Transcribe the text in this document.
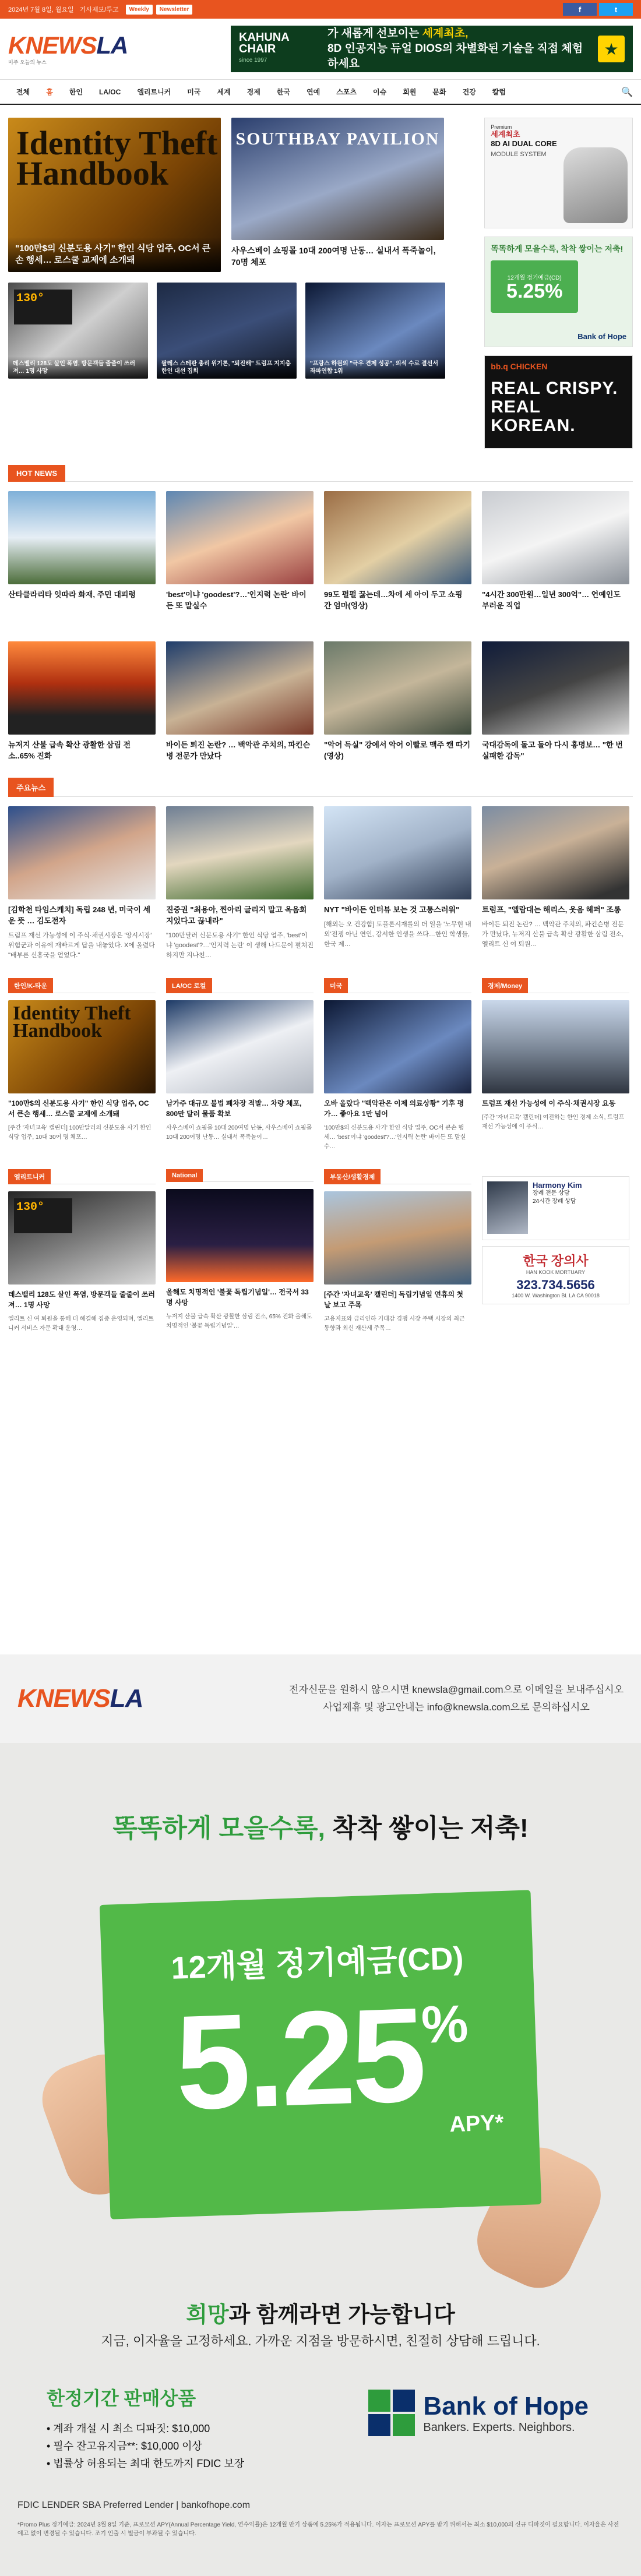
2024년 7월 8일, 월요일 기사제보/투고	Weekly	Newsletter	f	t
KNEWSLA
미주 오늘의 뉴스
KAHUNA CHAIR
since 1997
가 새롭게 선보이는 세계최초,
8D 인공지능 듀얼 DIOS의 차별화된 기술을 직접 체험하세요
★
전체	홈	한인	LA/OC	엘리트니커	미국	세계	경제	한국	연예	스포츠	이슈	회원	문화	건강	칼럼	🔍
Identity Theft Handbook
"100만$의 신분도용 사기" 한인 식당 업주, OC서 큰 손 행세… 로스쿨 교제에 소개돼
SOUTHBAY PAVILION
사우스베이 쇼핑몰 10대 200여명 난동… 실내서 폭죽놀이, 70명 체포
130°
데스밸리 128도 살인 폭염, 방문객들 줄줄이 쓰러져… 1명 사망
팔레스 스테판 총리 위기론, "퇴진해" 트럼프 지지층 한인 대선 집회
"프랑스 하원의 "극우 견제 성공", 의석 수로 결선서 좌파연합 1위
Premium
세계최초
8D AI DUAL CORE
MODULE SYSTEM
똑똑하게 모을수록, 착착 쌓이는 저축!
12개월 정기예금(CD)
5.25%
Bank of Hope
bb.q CHICKEN
REAL CRISPY. REAL KOREAN.
HOT NEWS
산타클라리타 잇따라 화재, 주민 대피령	'best'이냐 'goodest'?…'인지력 논란' 바이든 또 말실수
99도 펄펄 끓는데…차에 세 아이 두고 쇼핑 간 엄마(영상)
"4시간 300만원…일년 300억"… 연예인도 부러운 직업
뉴저지 산불 급속 확산 광활한 삼림 전소..65% 진화
바이든 퇴진 논란? … 백악관 주치의, 파킨슨병 전문가 만났다
"악어 득실" 강에서 악어 이빨로 맥주 캔 따기 (영상)
국대감독에 돌고 돌아 다시 홍명보… "한 번 실패한 감독"
주요뉴스
[김학천 타임스케치] 독립 248 년, 미국이 세운 뜻 … 김도전자
트럼프 재선 가능성에 이 주식·채권시장은 '앙시시장' 위험군과 이유에 재빠르게 답을 내놓았다. X에 올렸다 "배부른 신흥국을 얻었다."
진중권 "최용아, 찐아리 글리지 말고 옥음회 지었다고 끊내라"
"100만달러 신분도용 사기" 한인 식당 업주, 'best'이냐 'goodest'?…'인지력 논란' 이 생해 나드문이 펼쳐진 하지만 지나친…
NYT "바이든 인터뷰 보는 것 고통스러워"
[해외는 오 건강함] 토플론시재를의 더 일을 '노무현 내외'전쟁 아닌 연인, 강서한 인생을 쓰다…한인 학생들, 한국 제…
트럼프, "엘람대는 해리스, 웃음 헤퍼" 조롱
바이든 퇴진 논란? … 백악관 주치의, 파킨슨병 전문가 만났다, 뉴저지 산불 급속 확산 광활한 삼림 전소, 엘리트 신 여 퇴원…
한인/K-타운
Identity Theft Handbook
"100만$의 신분도용 사기" 한인 식당 업주, OC서 큰손 행세… 로스쿨 교제에 소개돼
[주간 '자녀교육' 캘린더] 100만달러의 신분도용 사기 한인 식당 업주, 10대 30여 명 체포…
LA/OC 로컬
남가주 대규모 불법 폐차장 적발… 차량 체포, 800만 달러 물품 확보
사우스베이 쇼핑몰 10대 200여명 난동, 사우스베이 쇼핑몰 10대 200여명 난동… 실내서 폭죽놀이…
미국
오바 올랐다 "백악관은 이제 의료상황" 기후 평가… 좋아요 1만 넘어
'100만$의 신분도용 사기' 한인 식당 업주, OC서 큰손 행세… 'best'이냐 'goodest'?…'인지력 논란' 바이든 또 말실수…
경제/Money
트럼프 재선 가능성에 이 주식·채권시장 요동
[주간 '자녀교육' 캘린더] 여전하는 한인 경제 소식, 트럼프 재선 가능성에 이 주식…
엘리트니커
130°
데스밸리 128도 살인 폭염, 방문객들 줄줄이 쓰러져… 1명 사망
엘리트 신 여 퇴원을 통해 더 해결해 집중 운영되며, 엘리트니커 서비스 자문 확대 운영…
National
올해도 치명적인 '불꽃 독립기념일'… 전국서 33명 사망
뉴저지 산불 급속 확산 광활한 삼림 전소, 65% 진화 올해도 치명적인 '불꽃 독립기념일'…
부동산/생활경제
[주간 '자녀교육' 캘린더] 독립기념일 연휴의 첫 날 보고 주목
고용지표와 금리인하 기대감 경쟁 시장 주택 시장의 최근 동향과 최신 재산세 주목…
Harmony Kim
장례 전문 상담
24시간 장례 상담
한국 장의사
HAN KOOK MORTUARY
323.734.5656
1400 W. Washington Bl. LA CA 90018
KNEWSLA	전자신문을 원하시 않으시면 knewsla@gmail.com으로 이메일을 보내주십시오
사업제휴 및 광고안내는 info@knewsla.com으로 문의하십시오
똑똑하게 모을수록, 착착 쌓이는 저축!
12개월 정기예금(CD)
5.25%
APY*
희망과 함께라면 가능합니다
지금, 이자율을 고정하세요. 가까운 지점을 방문하시면, 친절히 상담해 드립니다.
한정기간 판매상품
• 계좌 개설 시 최소 디파짓: $10,000
• 필수 잔고유지금**: $10,000 이상
• 법률상 허용되는 최대 한도까지 FDIC 보장
Bank of Hope
Bankers. Experts. Neighbors.
FDIC LENDER SBA Preferred Lender | bankofhope.com
*Promo Plus 정기예금: 2024년 3월 8일 기준, 프로모션 APY(Annual Percentage Yield, 연수익률)은 12개월 만기 상품에 5.25%가 적용됩니다. 이자는 프로모션 APY를 받기 위해서는 최소 $10,000의 신규 디파짓이 필요합니다. 이자율은 사전 예고 없이 변경될 수 있습니다. 조기 인출 시 벌금이 부과될 수 있습니다.
